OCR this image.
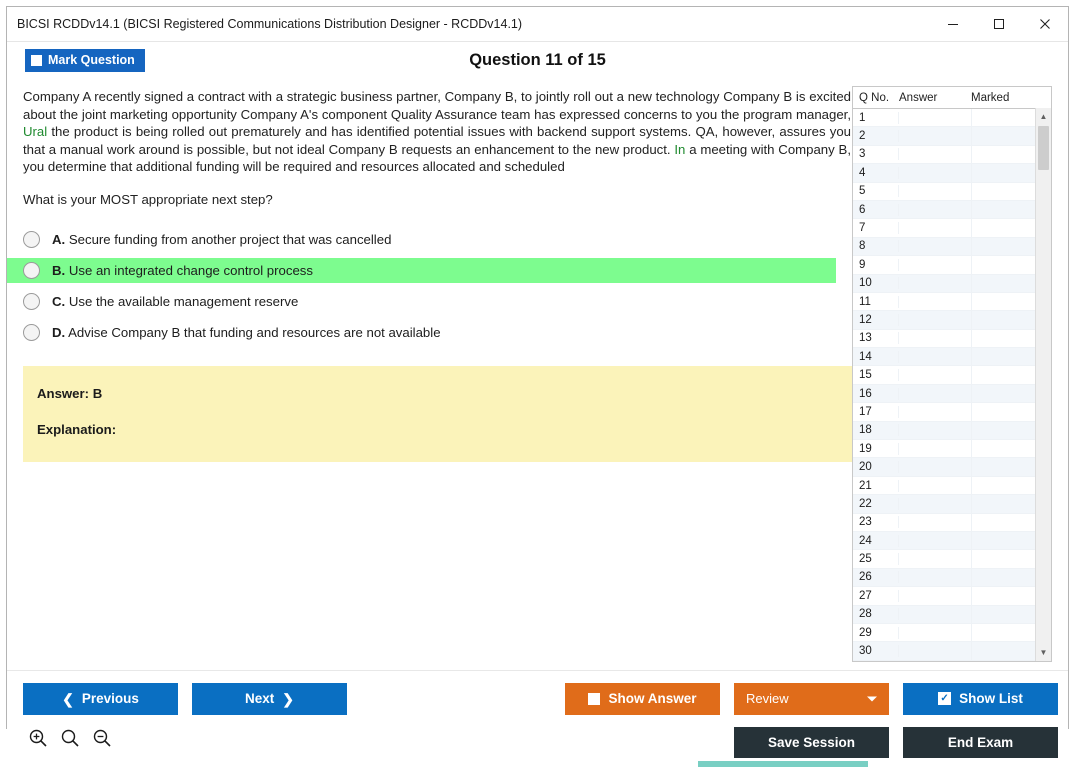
BICSI RCDDv14.1 (BICSI Registered Communications Distribution Designer - RCDDv14.1)
Mark Question	Question 11 of 15
Company A recently signed a contract with a strategic business partner, Company B, to jointly roll out a new technology Company B is excited about the joint marketing opportunity Company A's component Quality Assurance team has expressed concerns to you the program manager, Ural the product is being rolled out prematurely and has identified potential issues with backend support systems. QA, however, assures you that a manual work around is possible, but not ideal Company B requests an enhancement to the new product. In a meeting with Company B, you determine that additional funding will be required and resources allocated and scheduled
What is your MOST appropriate next step?
A. Secure funding from another project that was cancelled
B. Use an integrated change control process
C. Use the available management reserve
D. Advise Company B that funding and resources are not available
Answer: B
Explanation:
Q No. Answer	Marked
1
2
3
4
5
6
7
8
9
10
11
12
13
14
15
16
17
18
19
20
21
22
23
24
25
26
27
28
29
30
▲
▼
❮ Previous	Next ❯	Show Answer	Review	✓ Show List
Save Session	End Exam
